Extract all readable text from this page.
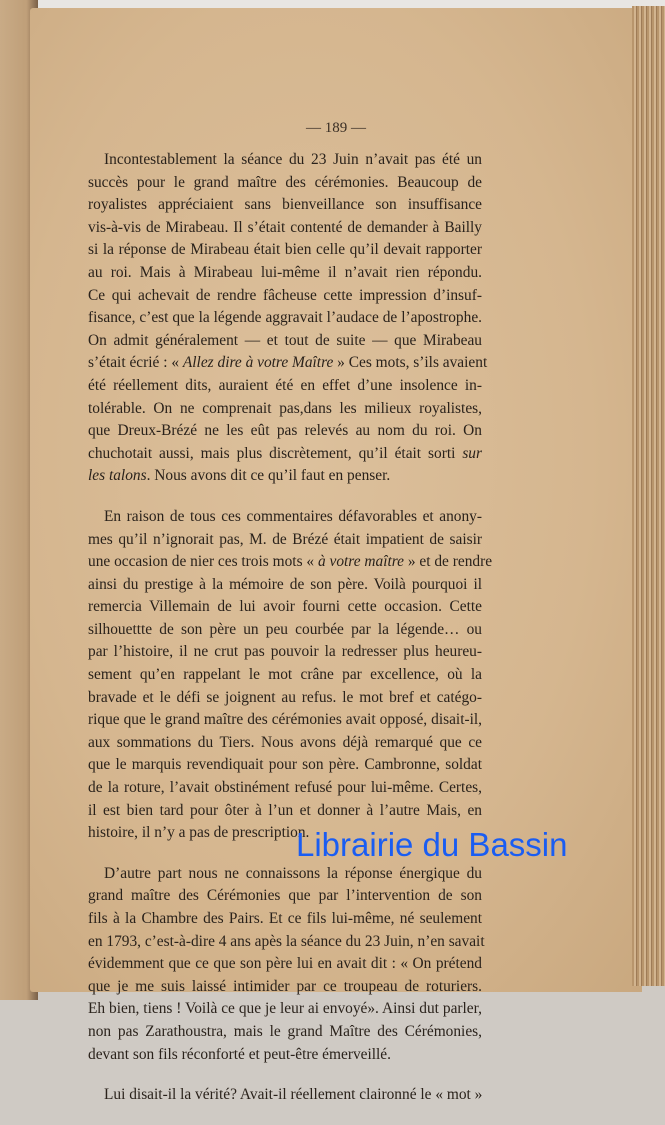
— 189 —
Incontestablement la séance du 23 Juin n’avait pas été un
succès pour le grand maître des cérémonies. Beaucoup de
royalistes appréciaient sans bienveillance son insuffisance
vis-à-vis de Mirabeau. Il s’était contenté de demander à Bailly
si la réponse de Mirabeau était bien celle qu’il devait rapporter
au roi. Mais à Mirabeau lui-même il n’avait rien répondu.
Ce qui achevait de rendre fâcheuse cette impression d’insuf-
fisance, c’est que la légende aggravait l’audace de l’apostrophe.
On admit généralement — et tout de suite — que Mirabeau
s’était écrié : « Allez dire à votre Maître » Ces mots, s’ils avaient
été réellement dits, auraient été en effet d’une insolence in-
tolérable. On ne comprenait pas,dans les milieux royalistes,
que Dreux-Brézé ne les eût pas relevés au nom du roi. On
chuchotait aussi, mais plus discrètement, qu’il était sorti sur
les talons. Nous avons dit ce qu’il faut en penser.
En raison de tous ces commentaires défavorables et anony-
mes qu’il n’ignorait pas, M. de Brézé était impatient de saisir
une occasion de nier ces trois mots « à votre maître » et de rendre
ainsi du prestige à la mémoire de son père. Voilà pourquoi il
remercia Villemain de lui avoir fourni cette occasion. Cette
silhouettte de son père un peu courbée par la légende… ou
par l’histoire, il ne crut pas pouvoir la redresser plus heureu-
sement qu’en rappelant le mot crâne par excellence, où la
bravade et le défi se joignent au refus. le mot bref et catégo-
rique que le grand maître des cérémonies avait opposé, disait-il,
aux sommations du Tiers. Nous avons déjà remarqué que ce
que le marquis revendiquait pour son père. Cambronne, soldat
de la roture, l’avait obstinément refusé pour lui-même. Certes,
il est bien tard pour ôter à l’un et donner à l’autre Mais, en
histoire, il n’y a pas de prescription.
D’autre part nous ne connaissons la réponse énergique du
grand maître des Cérémonies que par l’intervention de son
fils à la Chambre des Pairs. Et ce fils lui-même, né seulement
en 1793, c’est-à-dire 4 ans apès la séance du 23 Juin, n’en savait
évidemment que ce que son père lui en avait dit : « On prétend
que je me suis laissé intimider par ce troupeau de roturiers.
Eh bien, tiens ! Voilà ce que je leur ai envoyé». Ainsi dut parler,
non pas Zarathoustra, mais le grand Maître des Cérémonies,
devant son fils réconforté et peut-être émerveillé.
Lui disait-il la vérité? Avait-il réellement claironné le « mot »
Librairie du Bassin
